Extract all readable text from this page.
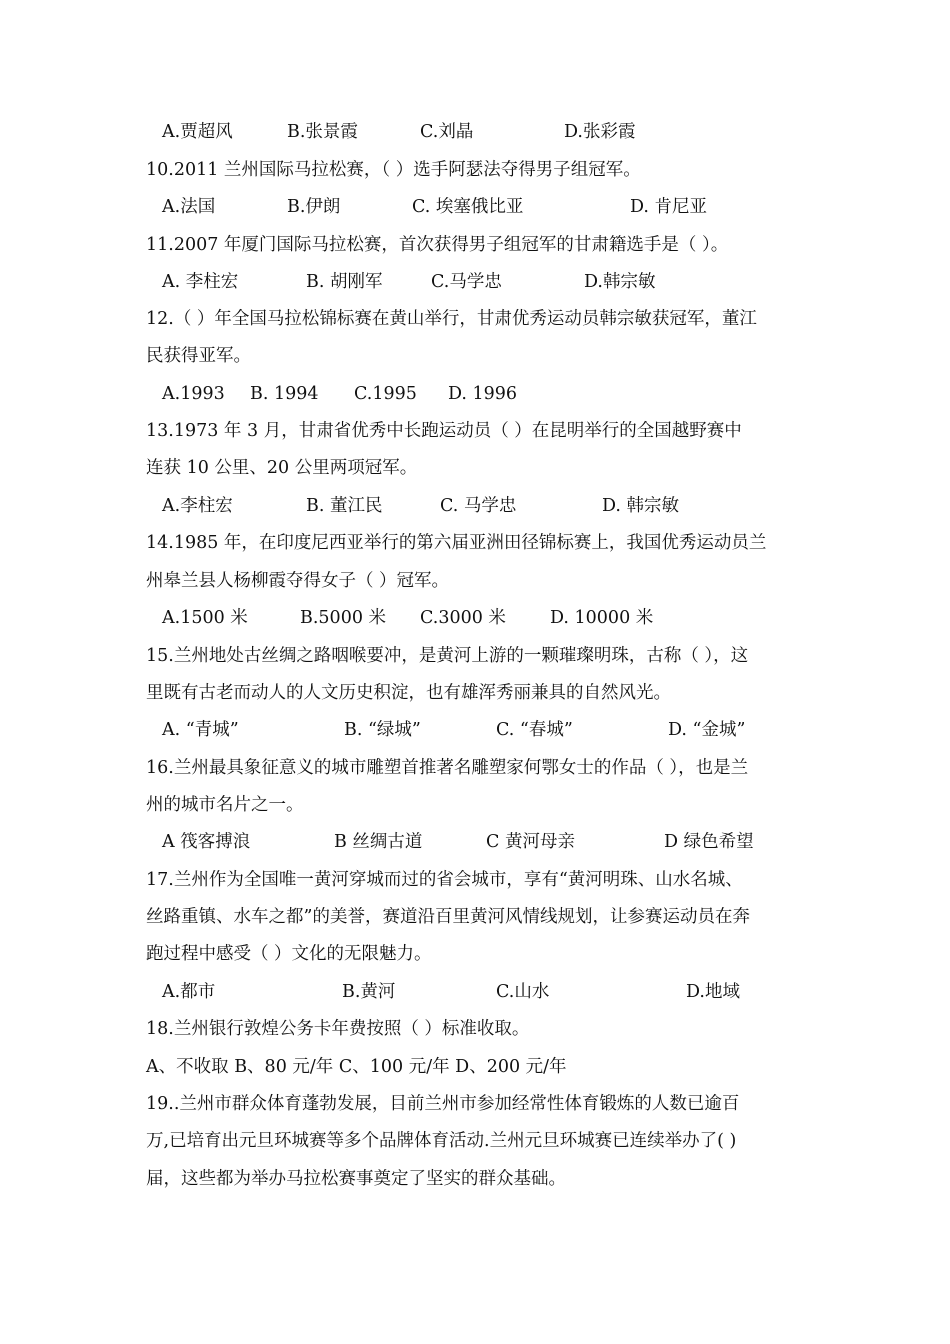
A.贾超风	B.张景霞	C.刘晶	D.张彩霞
10.2011 兰州国际马拉松赛，（ ）选手阿瑟法夺得男子组冠军。
A.法国	B.伊朗	C. 埃塞俄比亚	D. 肯尼亚
11.2007 年厦门国际马拉松赛，首次获得男子组冠军的甘肃籍选手是（ ）。
A. 李柱宏	B. 胡刚军	C.马学忠	D.韩宗敏
12.（ ）年全国马拉松锦标赛在黄山举行，甘肃优秀运动员韩宗敏获冠军，董江
民获得亚军。
A.1993 B. 1994 C.1995 D. 1996
13.1973 年 3 月，甘肃省优秀中长跑运动员（ ）在昆明举行的全国越野赛中
连获 10 公里、20 公里两项冠军。
A.李柱宏	B. 董江民	C. 马学忠	D. 韩宗敏
14.1985 年，在印度尼西亚举行的第六届亚洲田径锦标赛上，我国优秀运动员兰
州皋兰县人杨柳霞夺得女子（ ）冠军。
A.1500 米	B.5000 米 C.3000 米	D. 10000 米
15.兰州地处古丝绸之路咽喉要冲，是黄河上游的一颗璀璨明珠，古称（ ），这
里既有古老而动人的人文历史积淀，也有雄浑秀丽兼具的自然风光。
A. “青城”	B. “绿城”	C. “春城”	D. “金城”
16.兰州最具象征意义的城市雕塑首推著名雕塑家何鄂女士的作品（ ），也是兰
州的城市名片之一。
A 筏客搏浪	B 丝绸古道	C 黄河母亲	D 绿色希望
17.兰州作为全国唯一黄河穿城而过的省会城市，享有“黄河明珠、山水名城、
丝路重镇、水车之都”的美誉，赛道沿百里黄河风情线规划，让参赛运动员在奔
跑过程中感受（ ）文化的无限魅力。
A.都市	B.黄河	C.山水	D.地域
18.兰州银行敦煌公务卡年费按照（ ）标准收取。
A、不收取 B、80 元/年 C、100 元/年 D、200 元/年
19..兰州市群众体育蓬勃发展，目前兰州市参加经常性体育锻炼的人数已逾百
万,已培育出元旦环城赛等多个品牌体育活动.兰州元旦环城赛已连续举办了( )
届，这些都为举办马拉松赛事奠定了坚实的群众基础。
